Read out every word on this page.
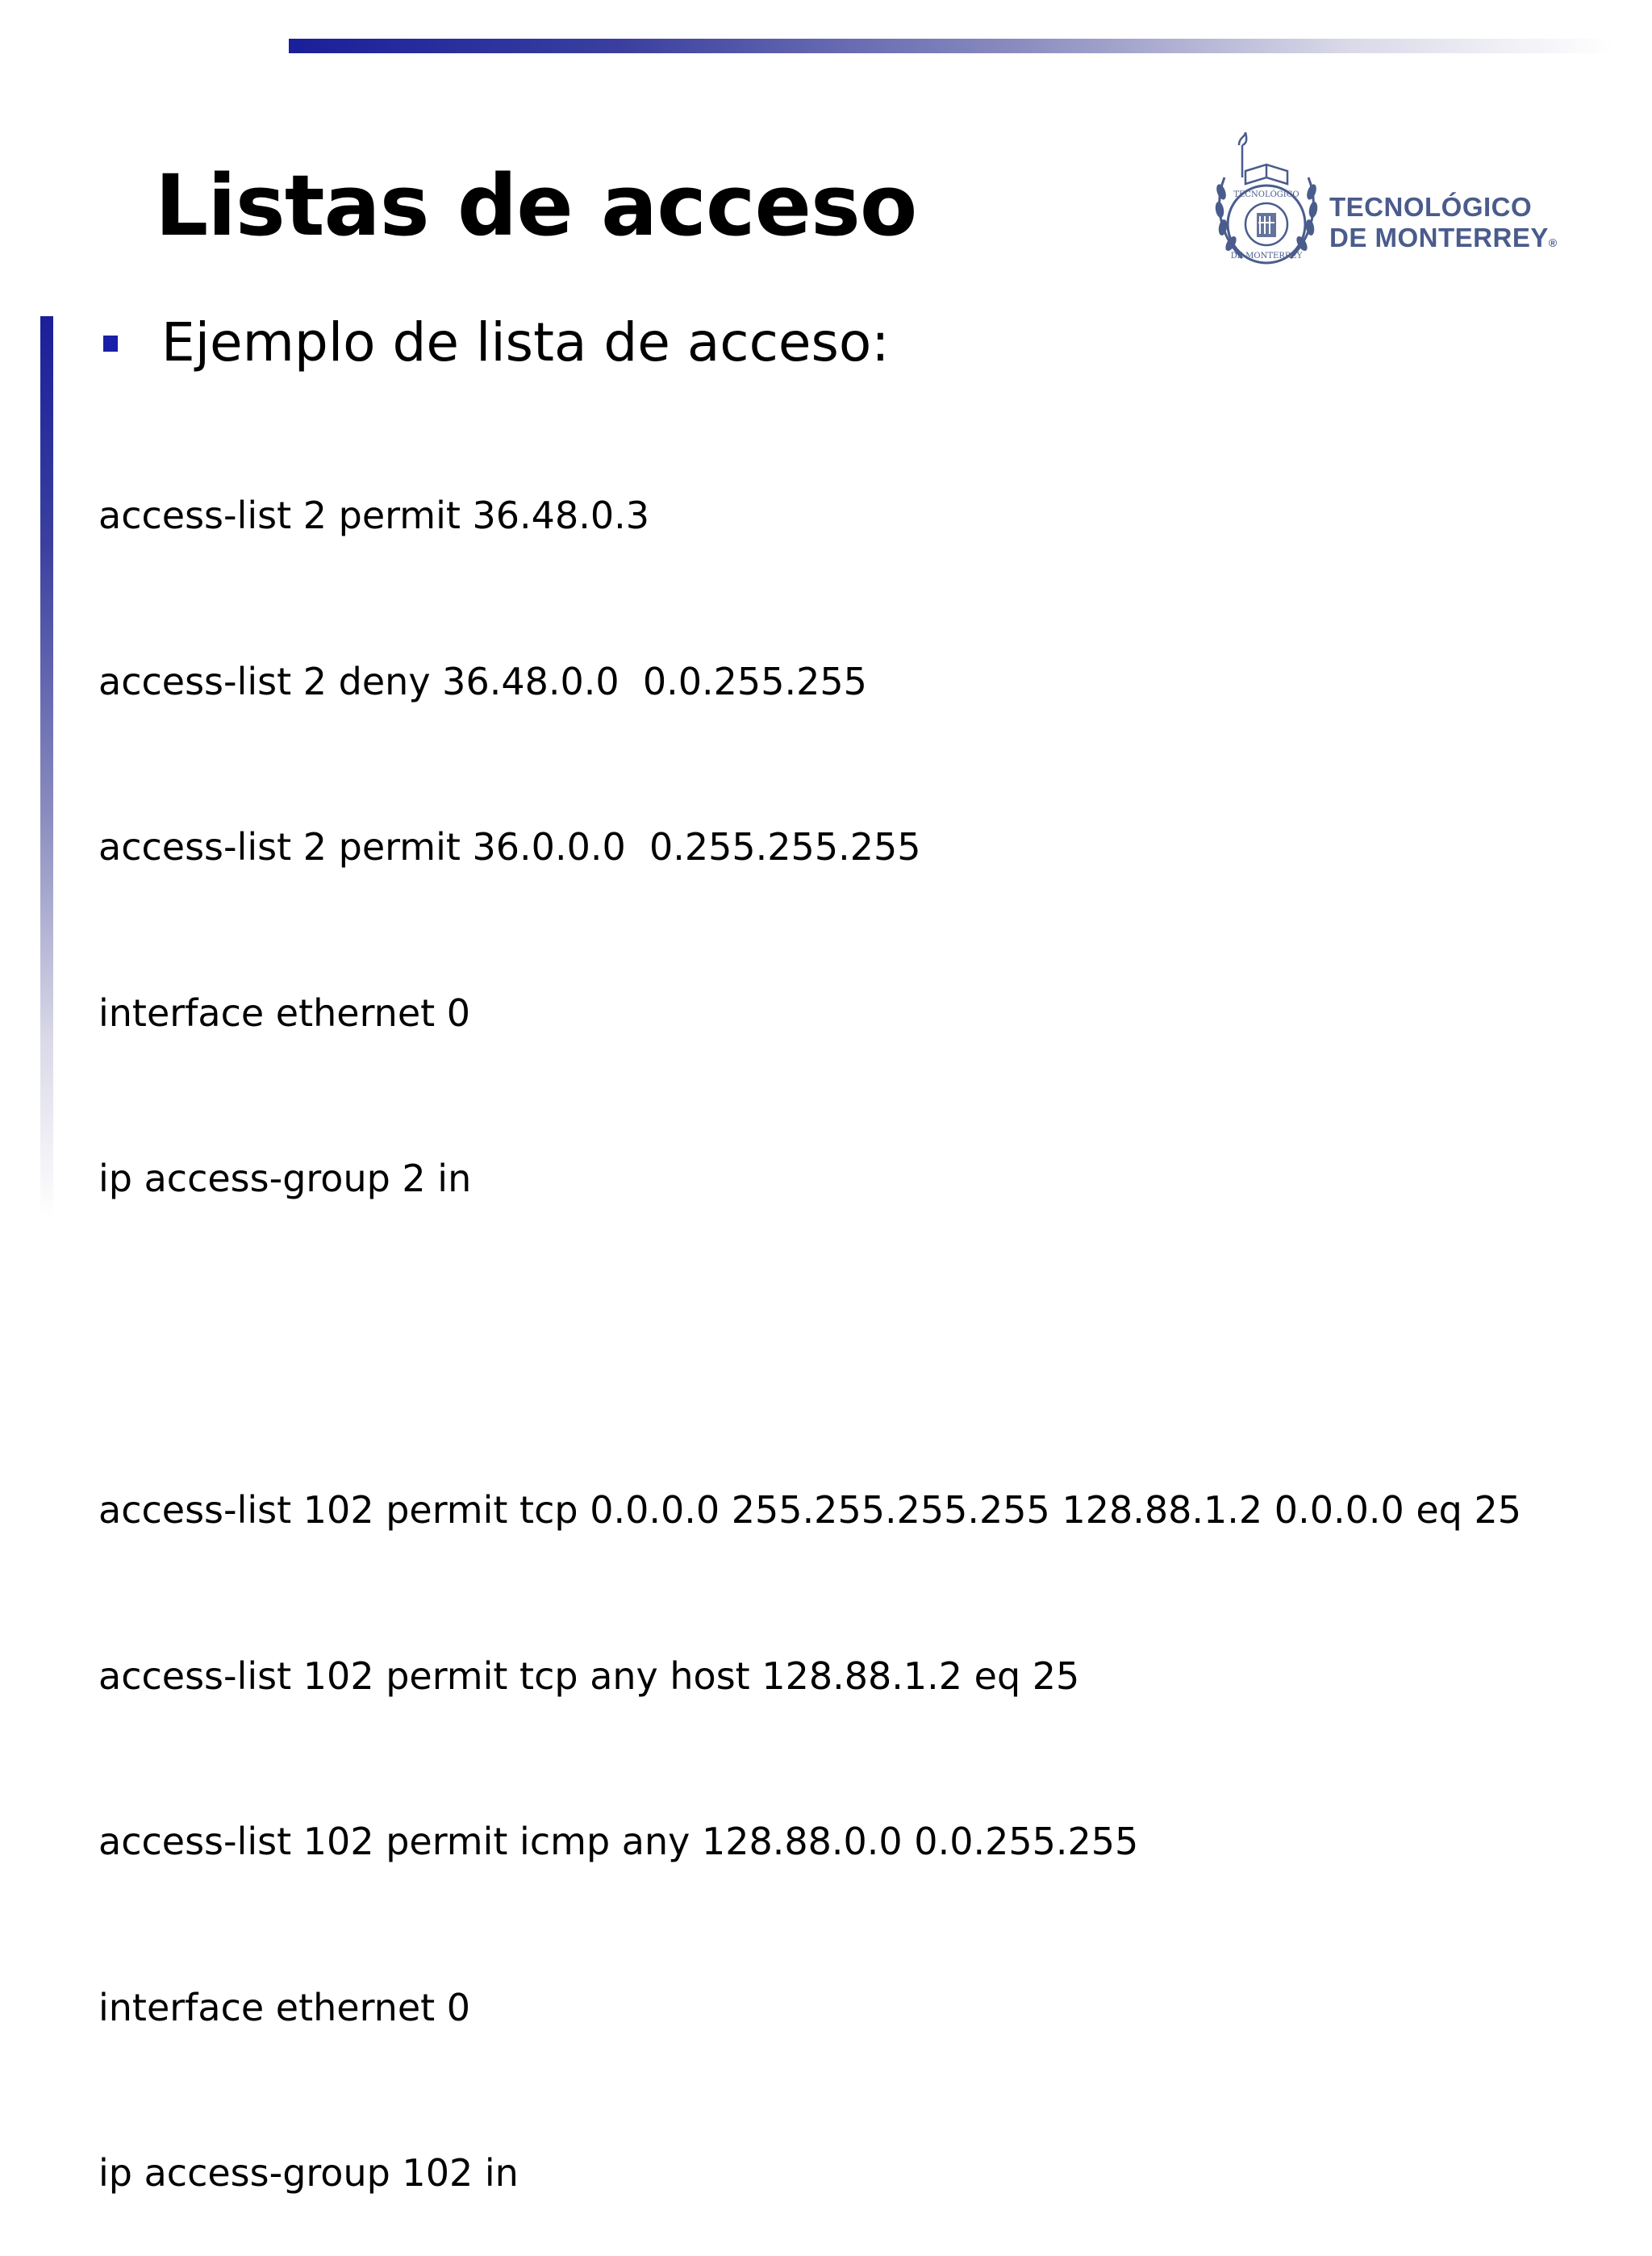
Listas de acceso	TECNOLÓGICO
DE MONTERREY
TECNOLÓGICO
DE MONTERREY®
Ejemplo de lista de acceso:

access-list 2 permit 36.48.0.3

access-list 2 deny 36.48.0.0  0.0.255.255

access-list 2 permit 36.0.0.0  0.255.255.255

interface ethernet 0

ip access-group 2 in

access-list 102 permit tcp 0.0.0.0 255.255.255.255 128.88.1.2 0.0.0.0 eq 25

access-list 102 permit tcp any host 128.88.1.2 eq 25

access-list 102 permit icmp any 128.88.0.0 0.0.255.255

interface ethernet 0

ip access-group 102 in
